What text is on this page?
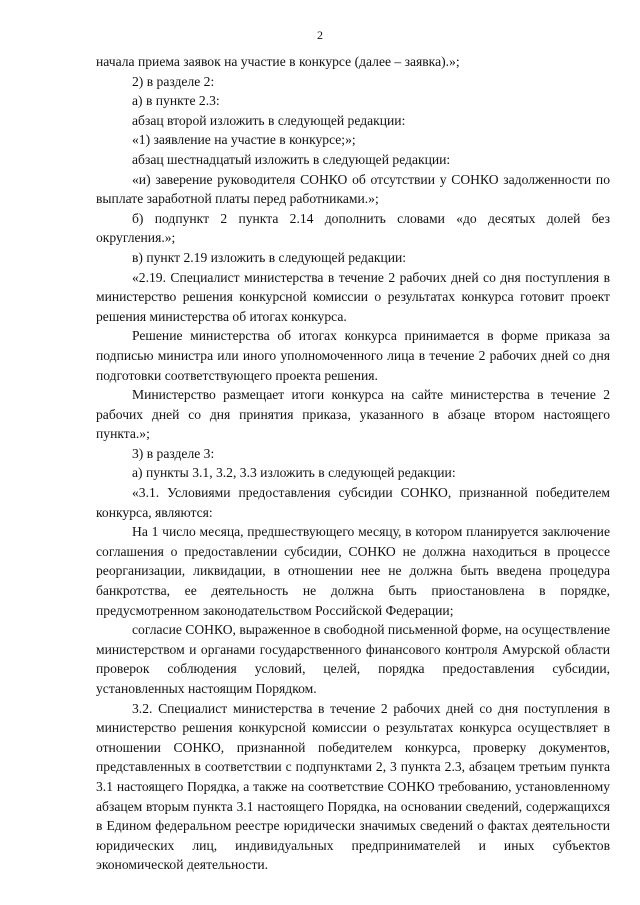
2

начала приема заявок на участие в конкурсе (далее – заявка).»;

2) в разделе 2:

а) в пункте 2.3:

абзац второй изложить в следующей редакции:

«1) заявление на участие в конкурсе;»;

абзац шестнадцатый изложить в следующей редакции:

«и) заверение руководителя СОНКО об отсутствии у СОНКО задолженности по выплате заработной платы перед работниками.»;

б) подпункт 2 пункта 2.14 дополнить словами «до десятых долей без округления.»;

в) пункт 2.19 изложить в следующей редакции:

«2.19. Специалист министерства в течение 2 рабочих дней со дня поступления в министерство решения конкурсной комиссии о результатах конкурса готовит проект решения министерства об итогах конкурса.

Решение министерства об итогах конкурса принимается в форме приказа за подписью министра или иного уполномоченного лица в течение 2 рабочих дней со дня подготовки соответствующего проекта решения.

Министерство размещает итоги конкурса на сайте министерства в течение 2 рабочих дней со дня принятия приказа, указанного в абзаце втором настоящего пункта.»;

3) в разделе 3:

а) пункты 3.1, 3.2, 3.3 изложить в следующей редакции:

«3.1. Условиями предоставления субсидии СОНКО, признанной победителем конкурса, являются:

На 1 число месяца, предшествующего месяцу, в котором планируется заключение соглашения о предоставлении субсидии, СОНКО не должна находиться в процессе реорганизации, ликвидации, в отношении нее не должна быть введена процедура банкротства, ее деятельность не должна быть приостановлена в порядке, предусмотренном законодательством Российской Федерации;

согласие СОНКО, выраженное в свободной письменной форме, на осуществление министерством и органами государственного финансового контроля Амурской области проверок соблюдения условий, целей, порядка предоставления субсидии, установленных настоящим Порядком.

3.2. Специалист министерства в течение 2 рабочих дней со дня поступления в министерство решения конкурсной комиссии о результатах конкурса осуществляет в отношении СОНКО, признанной победителем конкурса, проверку документов, представленных в соответствии с подпунктами 2, 3 пункта 2.3, абзацем третьим пункта 3.1 настоящего Порядка, а также на соответствие СОНКО требованию, установленному абзацем вторым пункта 3.1 настоящего Порядка, на основании сведений, содержащихся в Едином федеральном реестре юридически значимых сведений о фактах деятельности юридических лиц, индивидуальных предпринимателей и иных субъектов экономической деятельности.
